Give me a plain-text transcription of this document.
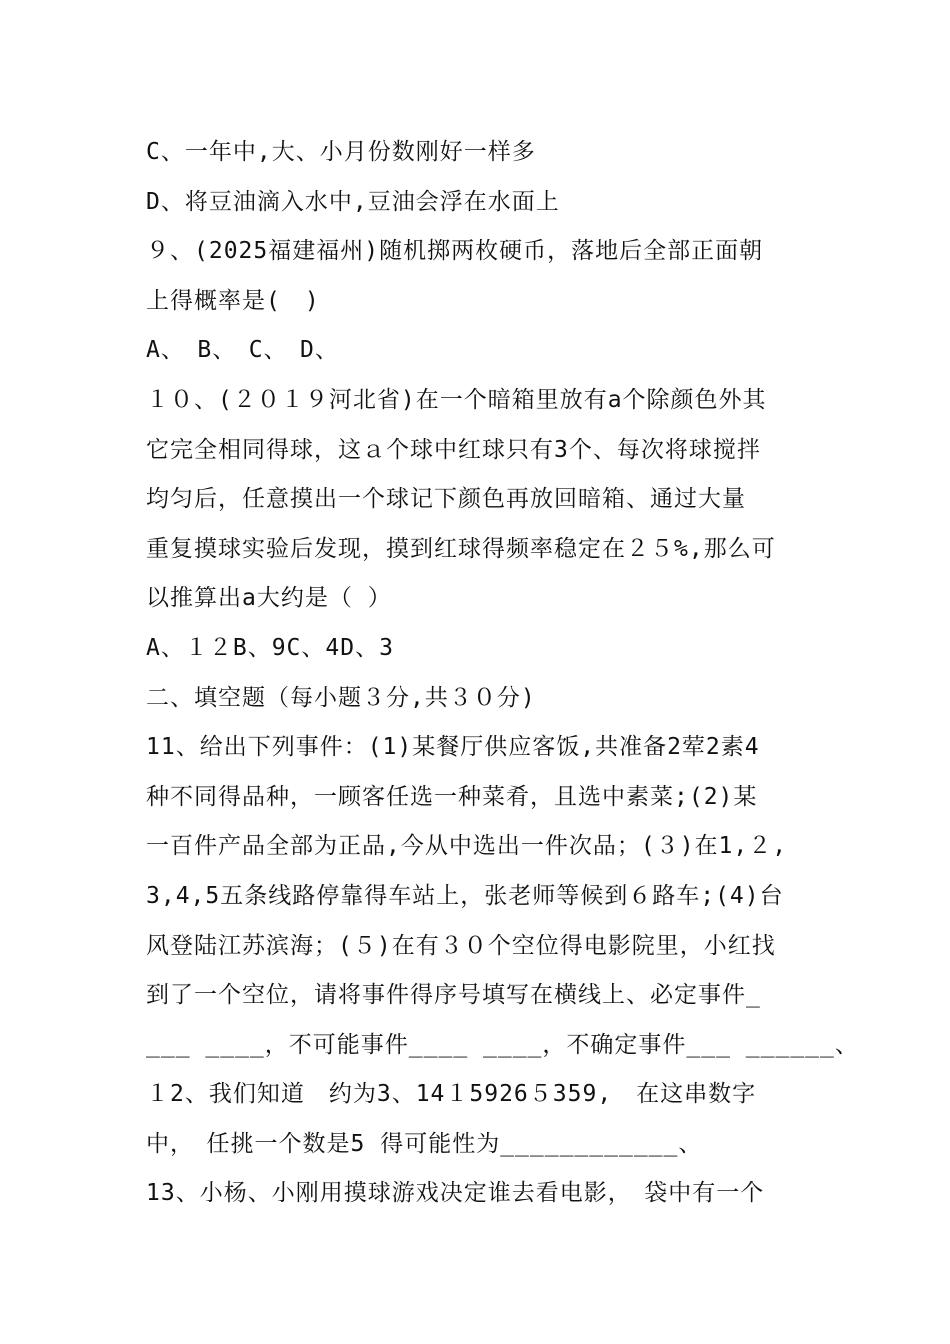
C、一年中,大、小月份数刚好一样多
D、将豆油滴入水中,豆油会浮在水面上
９、(2025福建福州)随机掷两枚硬币，落地后全部正面朝
上得概率是(　)
A、　B、　C、　D、
１０、(２０１９河北省)在一个暗箱里放有a个除颜色外其
它完全相同得球，这ａ个球中红球只有3个、每次将球搅拌
均匀后，任意摸出一个球记下颜色再放回暗箱、通过大量
重复摸球实验后发现，摸到红球得频率稳定在２５%,那么可
以推算出a大约是（ ）
A、１２B、9C、4D、3
二、填空题（每小题３分,共３０分)
11、给出下列事件：(1)某餐厅供应客饭,共准备2荤2素4
种不同得品种，一顾客任选一种菜肴，且选中素菜;(2)某
一百件产品全部为正品,今从中选出一件次品；(３)在1,２,
3,4,5五条线路停靠得车站上，张老师等候到６路车;(4)台
风登陆江苏滨海；(５)在有３０个空位得电影院里，小红找
到了一个空位，请将事件得序号填写在横线上、必定事件_
___ ____，不可能事件____ ____，不确定事件___ ______、
１2、我们知道　约为3、14１5926５359,　在这串数字
中，　任挑一个数是5 得可能性为____________、
13、小杨、小刚用摸球游戏决定谁去看电影，　袋中有一个
